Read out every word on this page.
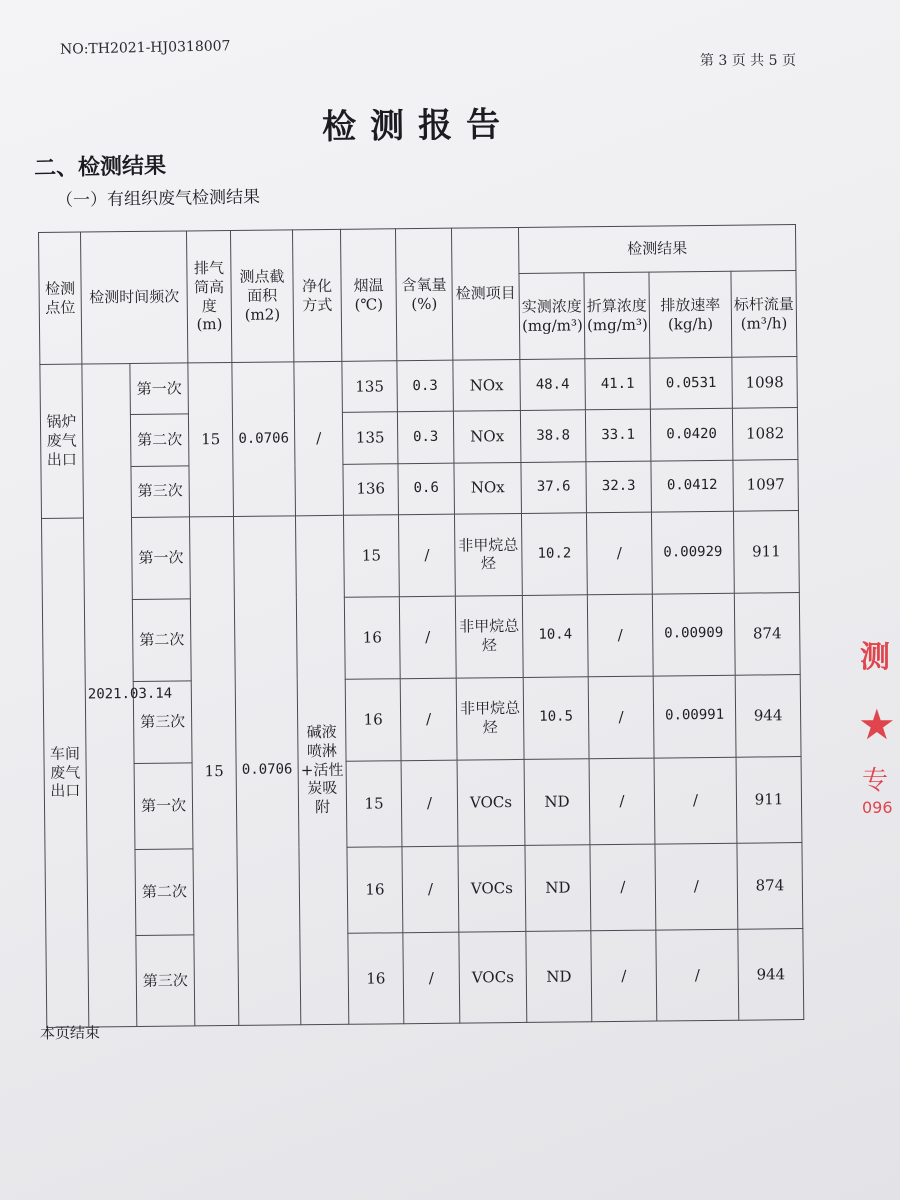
NO:TH2021-HJ0318007
第 3 页 共 5 页
检测报告
二、检测结果
（一）有组织废气检测结果
检测点位	检测时间频次		排气筒高度(m)	测点截面积(m2)	净化方式	烟温(℃)	含氧量(%)	检测项目	检测结果			
									实测浓度(mg/m³)	折算浓度(mg/m³)	排放速率(kg/h)	标杆流量(m³/h)
锅炉废气出口	2021.03.14	第一次	15	0.0706	/	135	0.3	NOx	48.4	41.1	0.0531	1098
		第二次				135	0.3	NOx	38.8	33.1	0.0420	1082
		第三次				136	0.6	NOx	37.6	32.3	0.0412	1097
车间废气出口		第一次	15	0.0706	碱液喷淋+活性炭吸附	15	/	非甲烷总烃	10.2	/	0.00929	911
		第二次				16	/	非甲烷总烃	10.4	/	0.00909	874
		第三次				16	/	非甲烷总烃	10.5	/	0.00991	944
		第一次				15	/	VOCs	ND	/	/	911
		第二次				16	/	VOCs	ND	/	/	874
		第三次				16	/	VOCs	ND	/	/	944
本页结束
测
★
专
096
